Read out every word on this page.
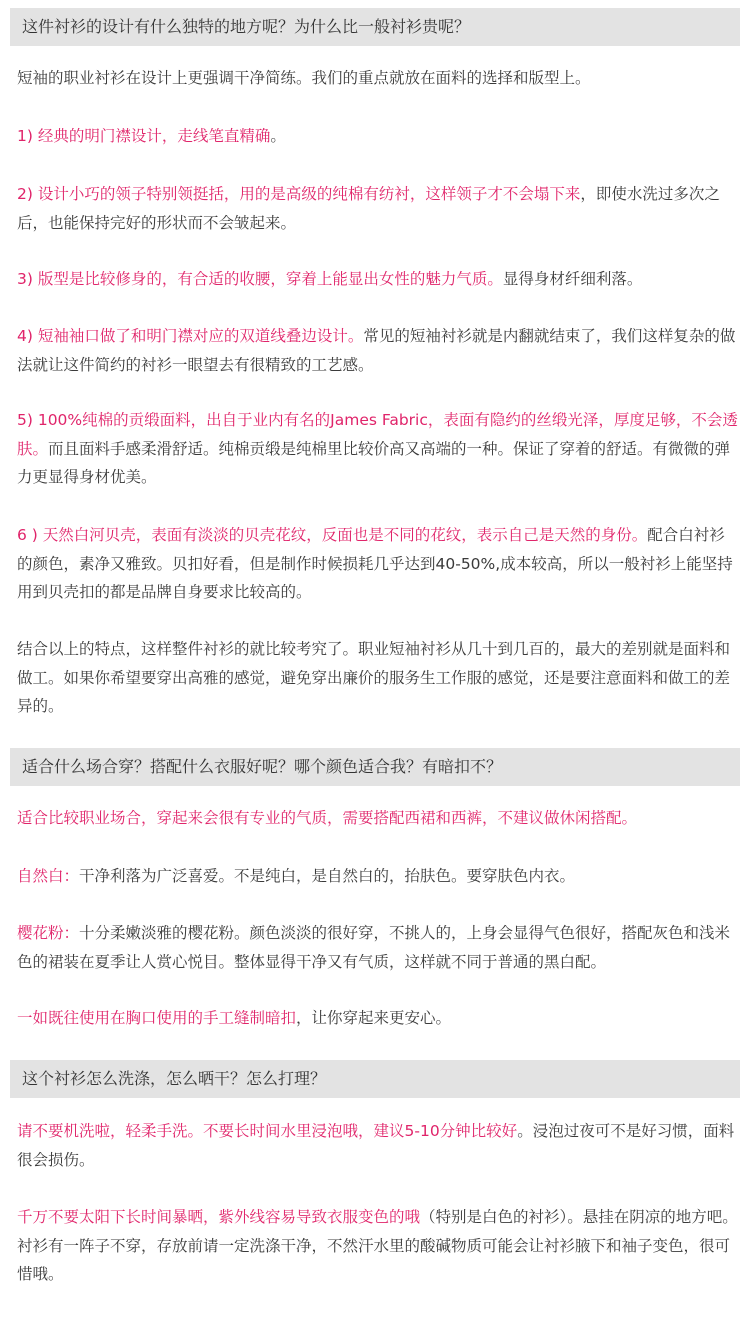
这件衬衫的设计有什么独特的地方呢？为什么比一般衬衫贵呢？

短袖的职业衬衫在设计上更强调干净简练。我们的重点就放在面料的选择和版型上。

1) 经典的明门襟设计，走线笔直精确。

2) 设计小巧的领子特别领挺括，用的是高级的纯棉有纺衬，这样领子才不会塌下来，即使水洗过多次之后，也能保持完好的形状而不会皱起来。

3) 版型是比较修身的，有合适的收腰，穿着上能显出女性的魅力气质。显得身材纤细利落。

4) 短袖袖口做了和明门襟对应的双道线叠边设计。常见的短袖衬衫就是内翻就结束了，我们这样复杂的做法就让这件简约的衬衫一眼望去有很精致的工艺感。

5) 100%纯棉的贡缎面料，出自于业内有名的James Fabric，表面有隐约的丝缎光泽，厚度足够，不会透肤。而且面料手感柔滑舒适。纯棉贡缎是纯棉里比较价高又高端的一种。保证了穿着的舒适。有微微的弹力更显得身材优美。

6 ) 天然白河贝壳，表面有淡淡的贝壳花纹，反面也是不同的花纹，表示自己是天然的身份。配合白衬衫的颜色，素净又雅致。贝扣好看，但是制作时候损耗几乎达到40-50%,成本较高，所以一般衬衫上能坚持用到贝壳扣的都是品牌自身要求比较高的。

结合以上的特点，这样整件衬衫的就比较考究了。职业短袖衬衫从几十到几百的，最大的差别就是面料和做工。如果你希望要穿出高雅的感觉，避免穿出廉价的服务生工作服的感觉，还是要注意面料和做工的差异的。

适合什么场合穿？搭配什么衣服好呢？哪个颜色适合我？有暗扣不？

适合比较职业场合，穿起来会很有专业的气质，需要搭配西裙和西裤，不建议做休闲搭配。

自然白：干净利落为广泛喜爱。不是纯白，是自然白的，抬肤色。要穿肤色内衣。

樱花粉：十分柔嫩淡雅的樱花粉。颜色淡淡的很好穿，不挑人的，上身会显得气色很好，搭配灰色和浅米色的裙装在夏季让人赏心悦目。整体显得干净又有气质，这样就不同于普通的黑白配。

一如既往使用在胸口使用的手工缝制暗扣，让你穿起来更安心。

这个衬衫怎么洗涤，怎么晒干？怎么打理？

请不要机洗啦，轻柔手洗。不要长时间水里浸泡哦，建议5-10分钟比较好。浸泡过夜可不是好习惯，面料很会损伤。

千万不要太阳下长时间暴晒，紫外线容易导致衣服变色的哦（特别是白色的衬衫）。悬挂在阴凉的地方吧。衬衫有一阵子不穿，存放前请一定洗涤干净，不然汗水里的酸碱物质可能会让衬衫腋下和袖子变色，很可惜哦。
